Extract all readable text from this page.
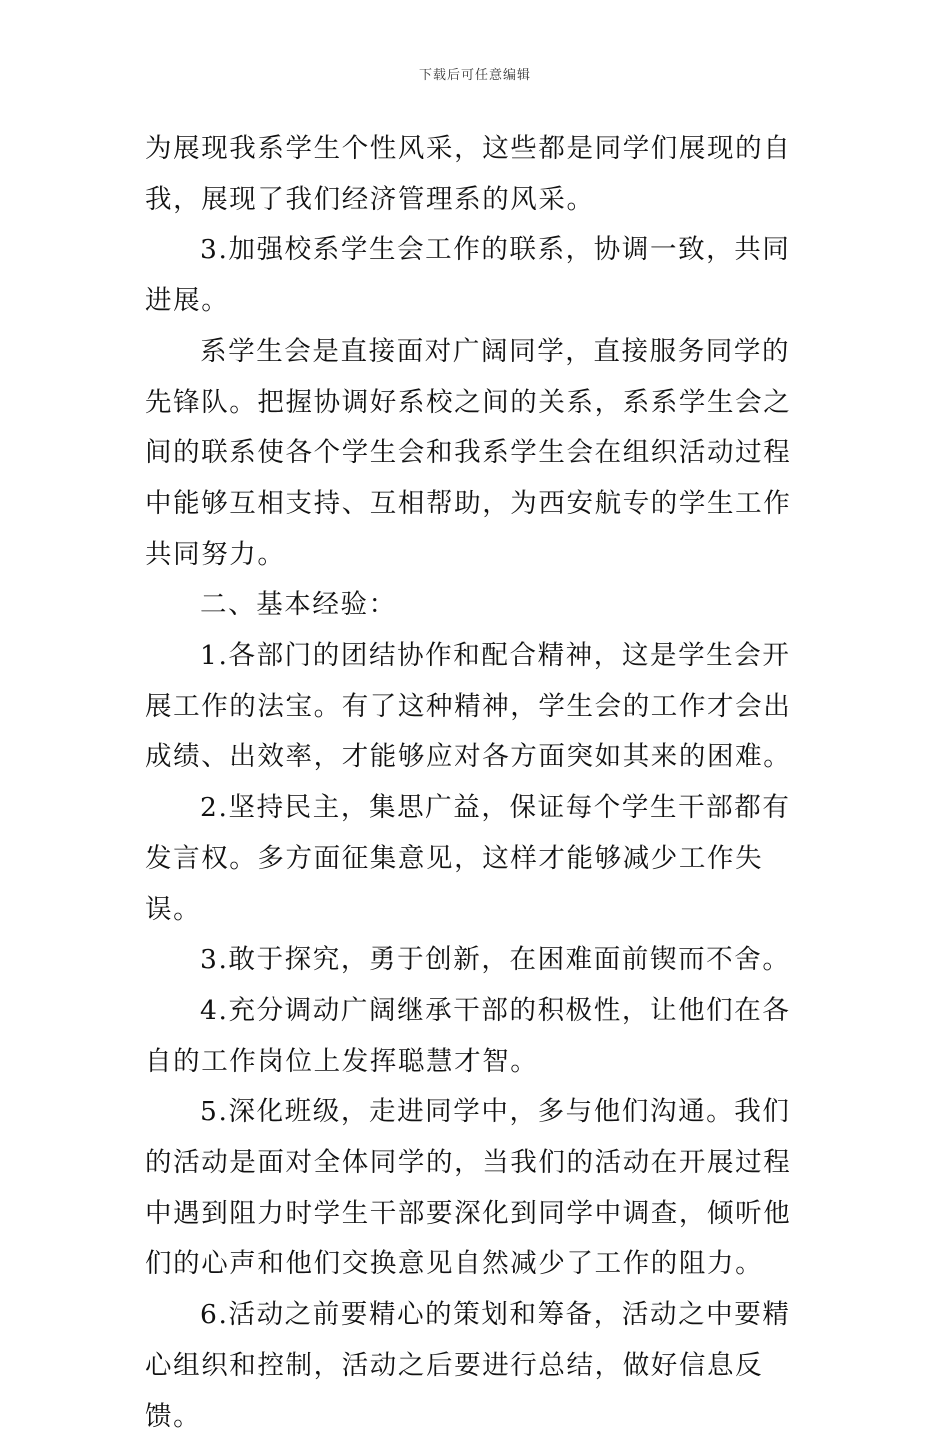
下载后可任意编辑

为展现我系学生个性风采，这些都是同学们展现的自我，展现了我们经济管理系的风采。

3.加强校系学生会工作的联系，协调一致，共同进展。

系学生会是直接面对广阔同学，直接服务同学的先锋队。把握协调好系校之间的关系，系系学生会之间的联系使各个学生会和我系学生会在组织活动过程中能够互相支持、互相帮助，为西安航专的学生工作共同努力。

二、基本经验：

1.各部门的团结协作和配合精神，这是学生会开展工作的法宝。有了这种精神，学生会的工作才会出成绩、出效率，才能够应对各方面突如其来的困难。

2.坚持民主，集思广益，保证每个学生干部都有发言权。多方面征集意见，这样才能够减少工作失误。

3.敢于探究，勇于创新，在困难面前锲而不舍。

4.充分调动广阔继承干部的积极性，让他们在各自的工作岗位上发挥聪慧才智。

5.深化班级，走进同学中，多与他们沟通。我们的活动是面对全体同学的，当我们的活动在开展过程中遇到阻力时学生干部要深化到同学中调查，倾听他们的心声和他们交换意见自然减少了工作的阻力。

6.活动之前要精心的策划和筹备，活动之中要精心组织和控制，活动之后要进行总结，做好信息反馈。
